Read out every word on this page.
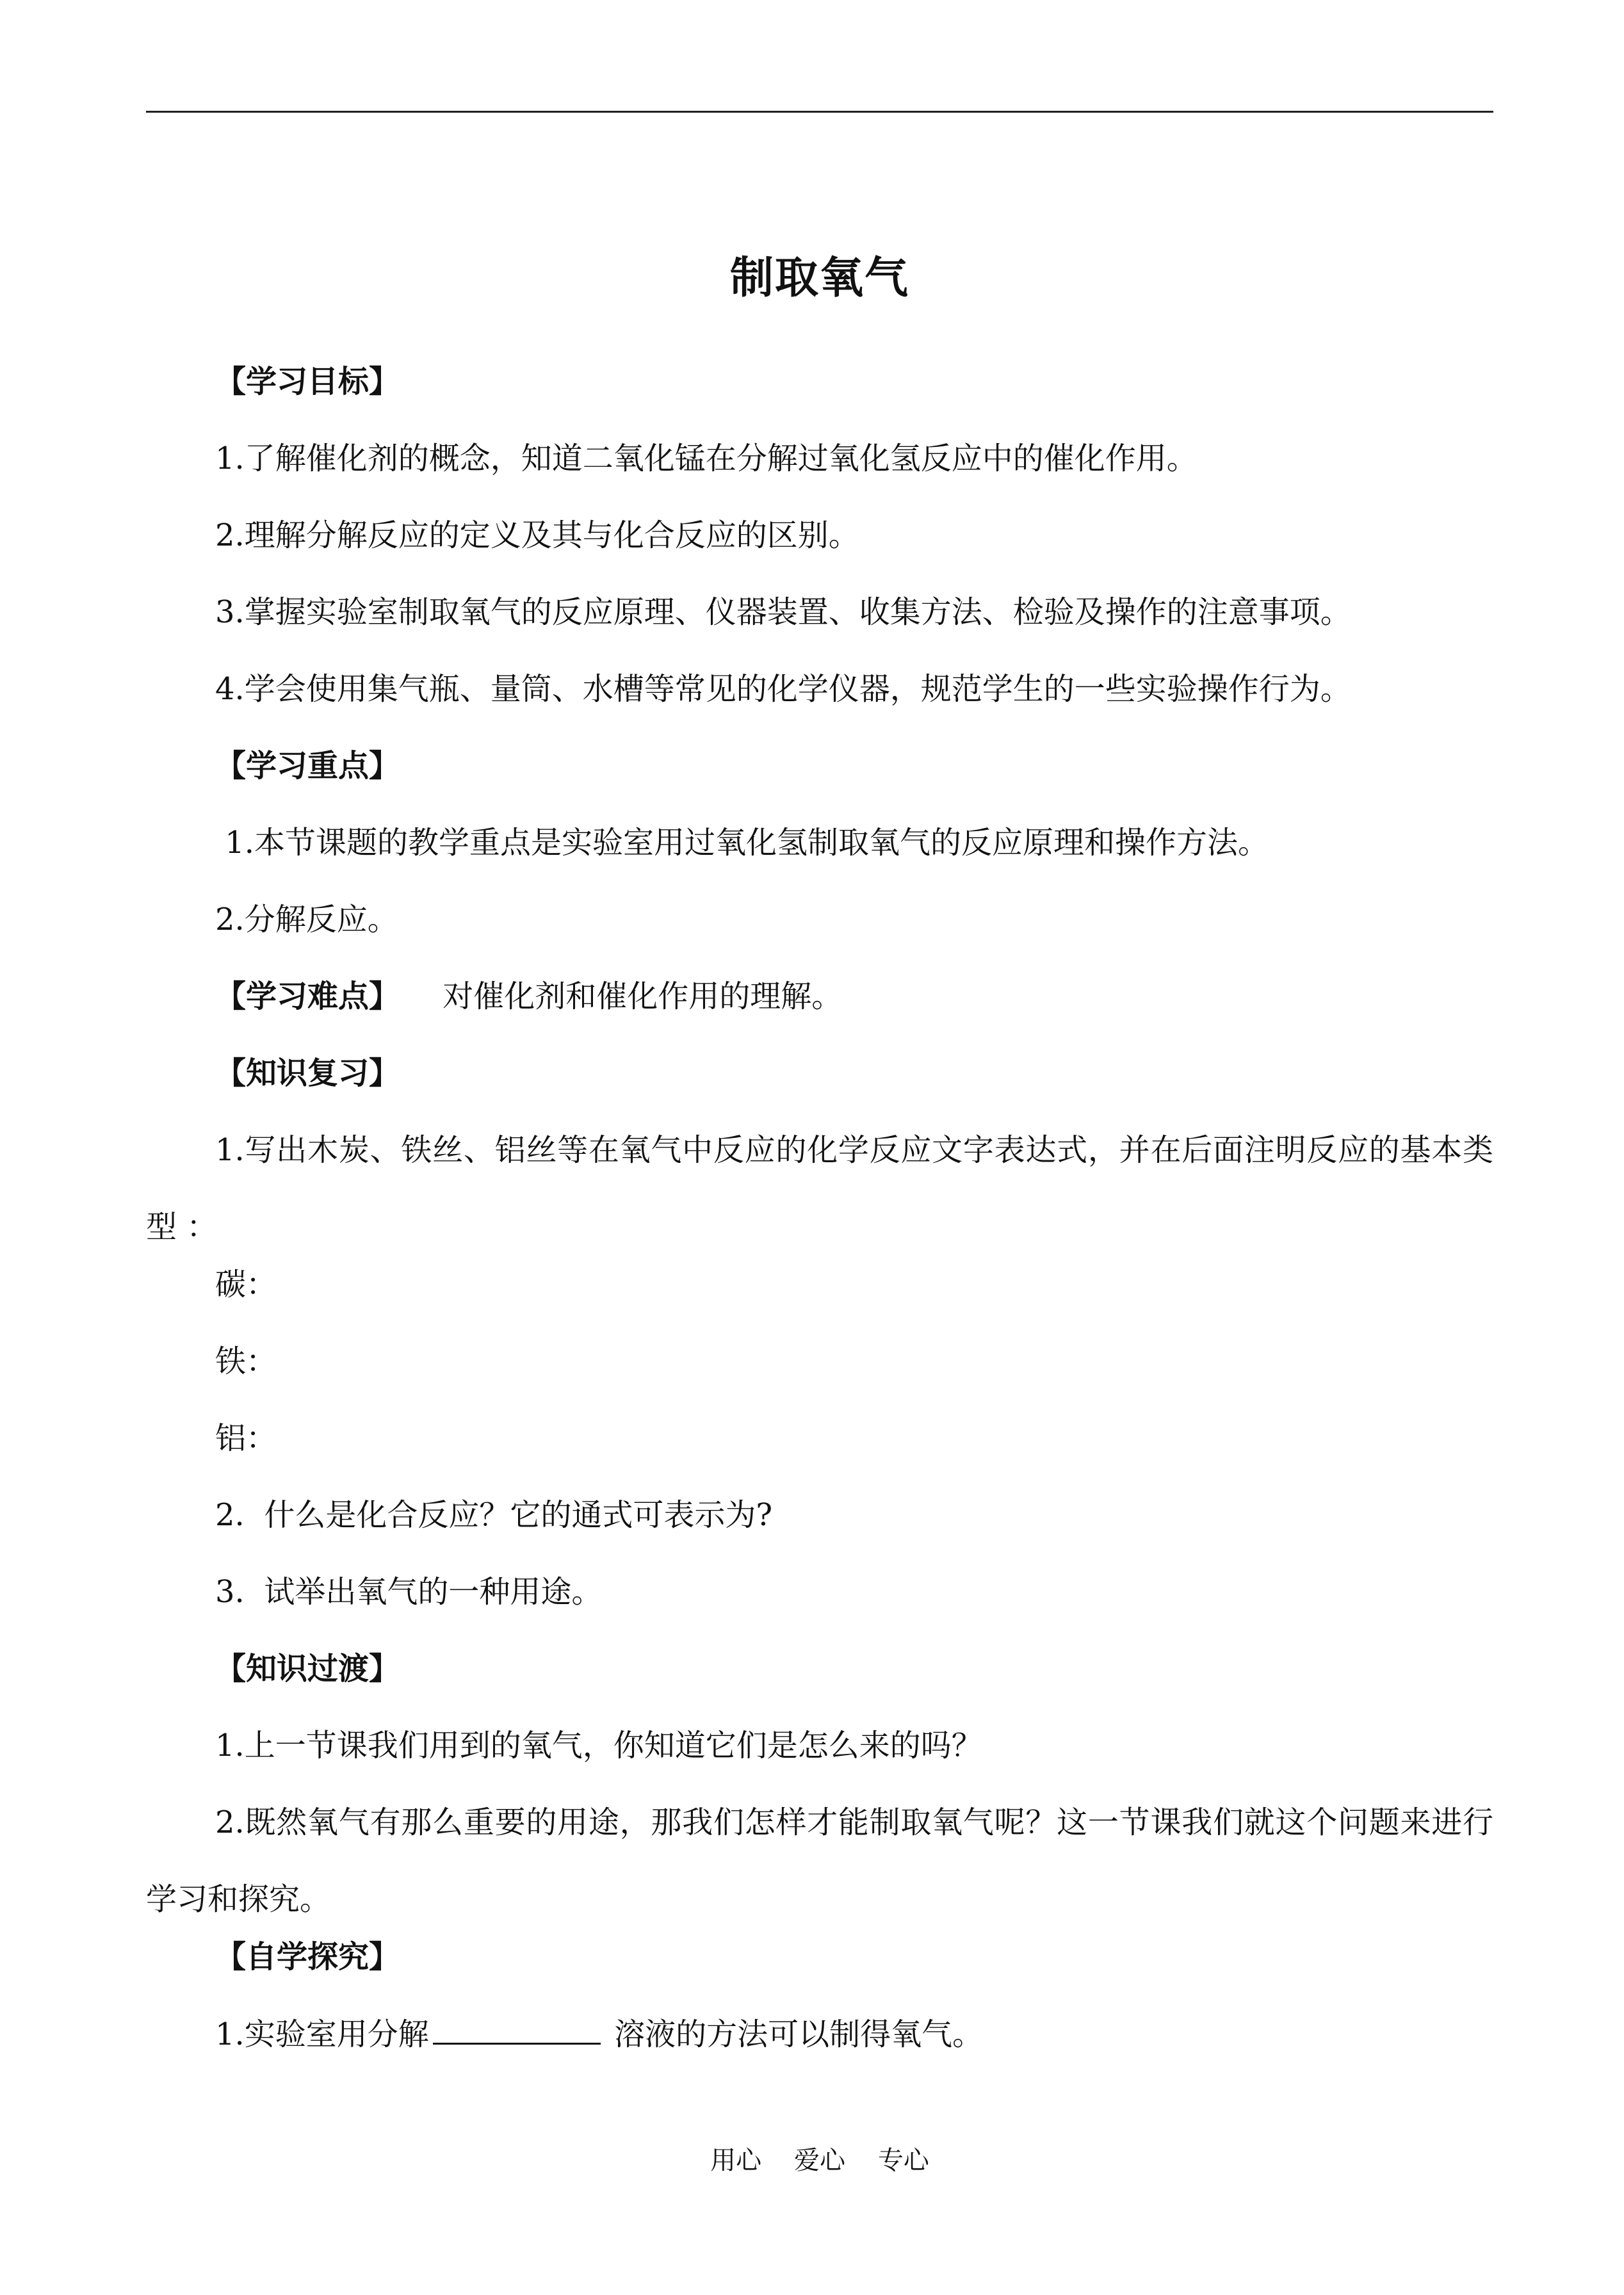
制取氧气
【学习目标】
1.了解催化剂的概念，知道二氧化锰在分解过氧化氢反应中的催化作用。
2.理解分解反应的定义及其与化合反应的区别。
3.掌握实验室制取氧气的反应原理、仪器装置、收集方法、检验及操作的注意事项。
4.学会使用集气瓶、量筒、水槽等常见的化学仪器，规范学生的一些实验操作行为。
【学习重点】
1.本节课题的教学重点是实验室用过氧化氢制取氧气的反应原理和操作方法。
2.分解反应。
【学习难点】 对催化剂和催化作用的理解。
【知识复习】
1.写出木炭、铁丝、铝丝等在氧气中反应的化学反应文字表达式，并在后面注明反应的基本类型 ：
碳：
铁：
铝：
2.  什么是化合反应？它的通式可表示为?
3.  试举出氧气的一种用途。
【知识过渡】
1.上一节课我们用到的氧气，你知道它们是怎么来的吗？
2.既然氧气有那么重要的用途，那我们怎样才能制取氧气呢？这一节课我们就这个问题来进行学习和探究。
【自学探究】
1.实验室用分解	溶液的方法可以制得氧气。
用心    爱心    专心
